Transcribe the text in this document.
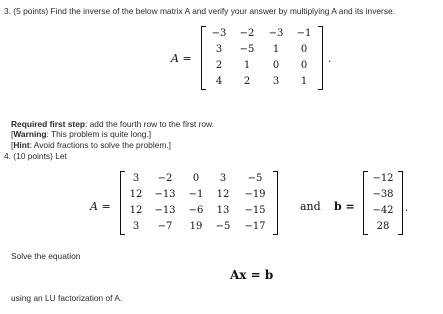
3. (5 points) Find the inverse of the below matrix A and verify your answer by multiplying A and its inverse.
A =
−3	−2	−3	−1
3	−5	1	0
2	1	0	0
4	2	3	1
.
Required first step: add the fourth row to the first row.
[Warning: This problem is quite long.]
[Hint: Avoid fractions to solve the problem.]
4. (10 points) Let
A =
3	−2	0	3	−5
12	−13	−1	12	−19
12	−13	−6	13	−15
3	−7	19	−5	−17
and b =
−12
−38
−42
28
.
Solve the equation
Ax = b
using an LU factorization of A.
